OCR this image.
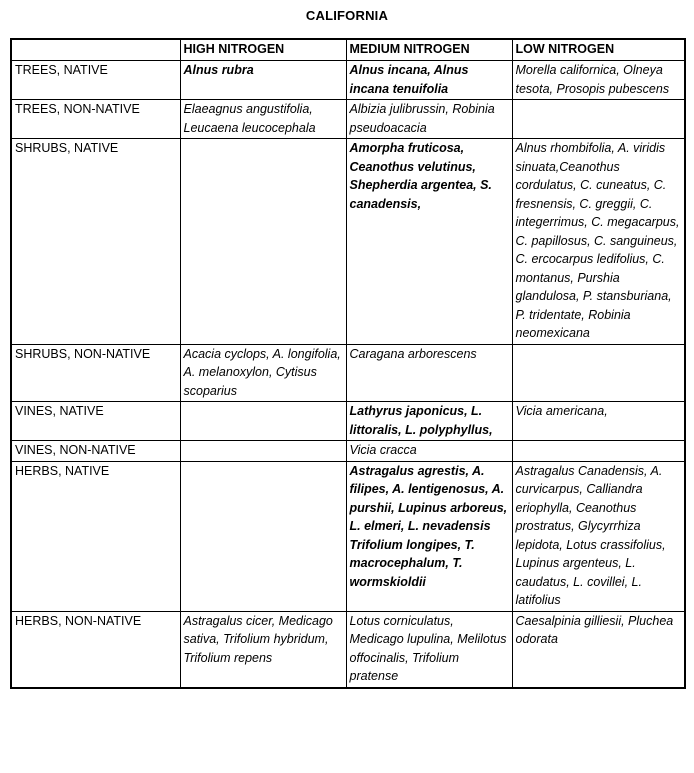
CALIFORNIA
	HIGH NITROGEN	MEDIUM NITROGEN	LOW NITROGEN
TREES, NATIVE	Alnus rubra	Alnus incana, Alnus incana tenuifolia	Morella californica, Olneya tesota, Prosopis pubescens
TREES, NON-NATIVE	Elaeagnus angustifolia, Leucaena leucocephala	Albizia julibrussin, Robinia pseudoacacia	
SHRUBS, NATIVE		Amorpha fruticosa, Ceanothus velutinus, Shepherdia argentea, S. canadensis,	Alnus rhombifolia, A. viridis sinuata,Ceanothus cordulatus, C. cuneatus, C. fresnensis, C. greggii, C. integerrimus, C. megacarpus, C. papillosus, C. sanguineus, C. ercocarpus ledifolius, C. montanus, Purshia glandulosa, P. stansburiana, P. tridentate, Robinia neomexicana
SHRUBS, NON-NATIVE	Acacia cyclops, A. longifolia, A. melanoxylon, Cytisus scoparius	Caragana arborescens	
VINES, NATIVE		Lathyrus japonicus, L. littoralis, L. polyphyllus,	Vicia americana,
VINES, NON-NATIVE		Vicia cracca	
HERBS, NATIVE		Astragalus agrestis, A. filipes, A. lentigenosus, A. purshii, Lupinus arboreus, L. elmeri, L. nevadensis Trifolium longipes, T. macrocephalum, T. wormskioldii	Astragalus Canadensis, A. curvicarpus, Calliandra eriophylla, Ceanothus prostratus, Glycyrrhiza lepidota, Lotus crassifolius, Lupinus argenteus, L. caudatus, L. covillei, L. latifolius
HERBS, NON-NATIVE	Astragalus cicer, Medicago sativa, Trifolium hybridum, Trifolium repens	Lotus corniculatus, Medicago lupulina, Melilotus offocinalis, Trifolium pratense	Caesalpinia gilliesii, Pluchea odorata
